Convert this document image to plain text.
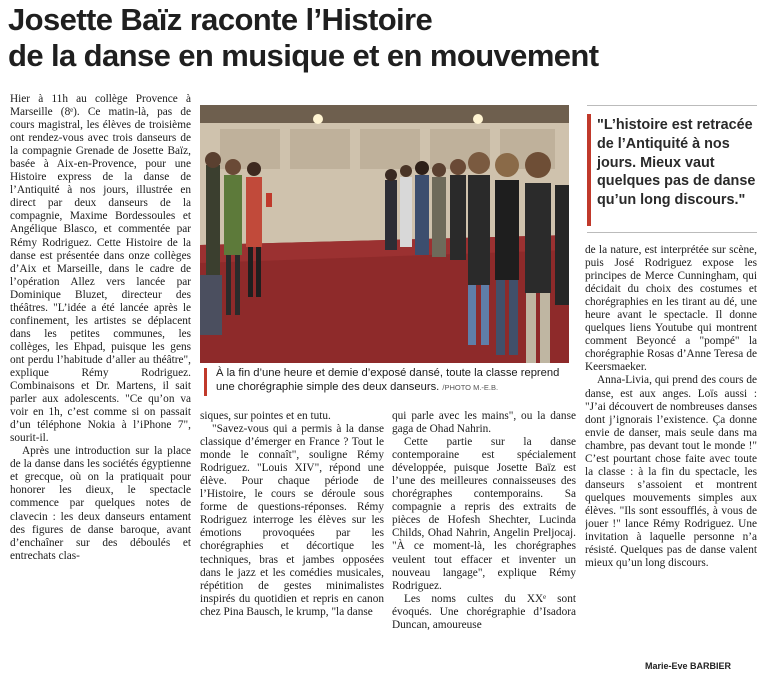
Josette Baïz raconte l’Histoire
de la danse en musique et en mouvement

Hier à 11h au collège Provence à Marseille (8ᵉ). Ce matin-là, pas de cours magistral, les élèves de troisième ont rendez-vous avec trois danseurs de la compagnie Grenade de Josette Baïz, basée à Aix-en-Provence, pour une Histoire express de la danse de l’Antiquité à nos jours, illustrée en direct par deux danseurs de la compagnie, Maxime Bordessoules et Angélique Blasco, et commentée par Rémy Rodriguez. Cette Histoire de la danse est présentée dans onze collèges d’Aix et Marseille, dans le cadre de l’opération Allez vers lancée par Dominique Bluzet, directeur des théâtres. "L’idée a été lancée après le confinement, les artistes se déplacent dans les petites communes, les collèges, les Ehpad, puisque les gens ont perdu l’habitude d’aller au théâtre", explique Rémy Rodriguez. Combinaisons et Dr. Martens, il sait parler aux adolescents. "Ce qu’on va voir en 1h, c’est comme si on passait d’un téléphone Nokia à l’iPhone 7", sourit-il.

Après une introduction sur la place de la danse dans les sociétés égyptienne et grecque, où on la pratiquait pour honorer les dieux, le spectacle commence par quelques notes de clavecin : les deux danseurs entament des figures de danse baroque, avant d’enchaîner sur des déboulés et entrechats clas-

À la fin d’une heure et demie d’exposé dansé, toute la classe reprend une chorégraphie simple des deux danseurs. /PHOTO M.-E.B.

siques, sur pointes et en tutu.

"Savez-vous qui a permis à la danse classique d’émerger en France ? Tout le monde le connaît", souligne Rémy Rodriguez. "Louis XIV", répond une élève. Pour chaque période de l’Histoire, le cours se déroule sous forme de questions-réponses. Rémy Rodriguez interroge les élèves sur les émotions provoquées par les chorégraphies et décortique les techniques, bras et jambes opposées dans le jazz et les comédies musicales, répétition de gestes minimalistes inspirés du quotidien et repris en canon chez Pina Bausch, le krump, "la danse

qui parle avec les mains", ou la danse gaga de Ohad Nahrin.

Cette partie sur la danse contemporaine est spécialement développée, puisque Josette Baïz est l’une des meilleures connaisseuses des chorégraphes contemporains. Sa compagnie a repris des extraits de pièces de Hofesh Shechter, Lucinda Childs, Ohad Nahrin, Angelin Preljocaj. "À ce moment-là, les chorégraphes veulent tout effacer et inventer un nouveau langage", explique Rémy Rodriguez.

Les noms cultes du XXᵉ sont évoqués. Une chorégraphie d’Isadora Duncan, amoureuse

"L’histoire est retracée de l’Antiquité à nos jours. Mieux vaut quelques pas de danse qu’un long discours."

de la nature, est interprétée sur scène, puis José Rodriguez expose les principes de Merce Cunningham, qui décidait du choix des costumes et chorégraphies en les tirant au dé, une heure avant le spectacle. Il donne quelques liens Youtube qui montrent comment Beyoncé a "pompé" la chorégraphie Rosas d’Anne Teresa de Keersmaeker.

Anna-Livia, qui prend des cours de danse, est aux anges. Loïs aussi : "J’ai découvert de nombreuses danses dont j’ignorais l’existence. Ça donne envie de danser, mais seule dans ma chambre, pas devant tout le monde !" C’est pourtant chose faite avec toute la classe : à la fin du spectacle, les danseurs s’assoient et montrent quelques mouvements simples aux élèves. "Ils sont essoufflés, à vous de jouer !" lance Rémy Rodriguez. Une invitation à laquelle personne n’a résisté. Quelques pas de danse valent mieux qu’un long discours.

Marie-Eve BARBIER
